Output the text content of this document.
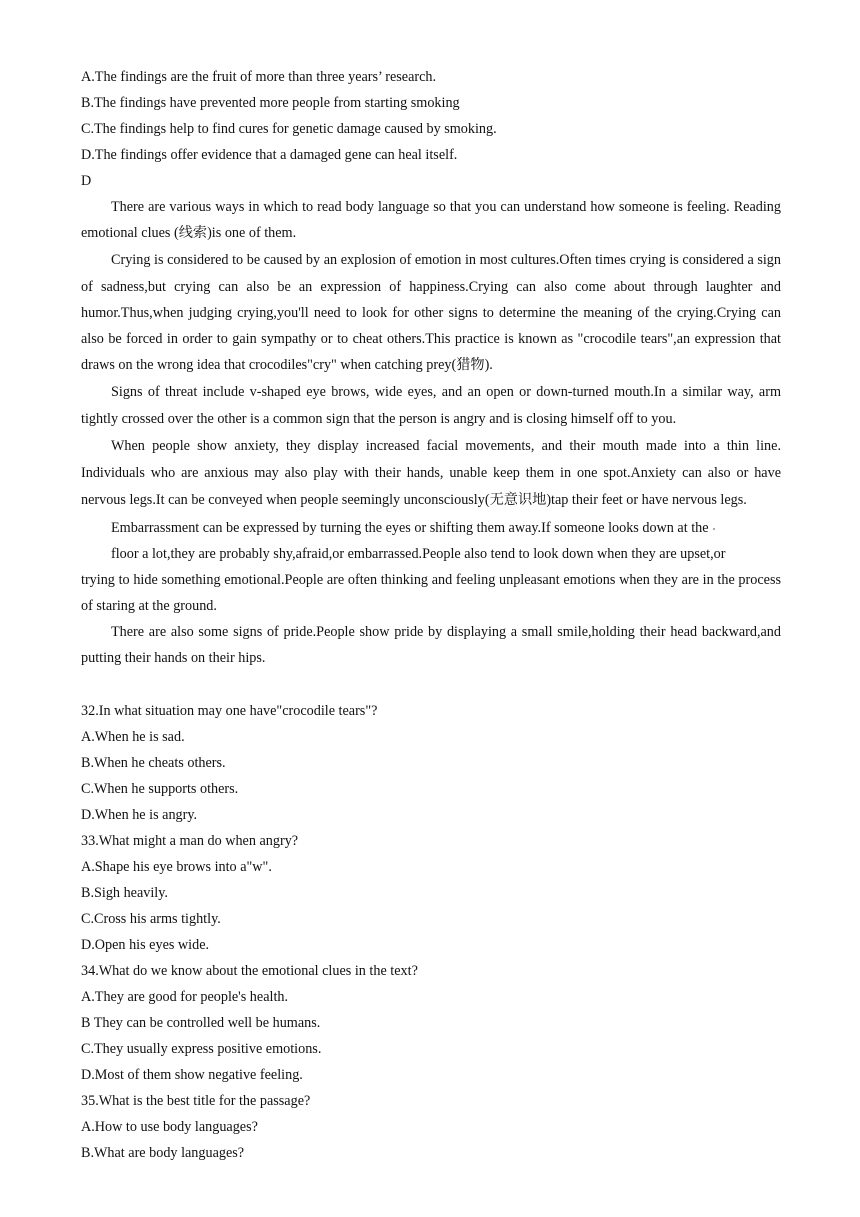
A.The findings are the fruit of more than three years’ research.
B.The findings have prevented more people from starting smoking
C.The findings help to find cures for genetic damage caused by smoking.
D.The findings offer evidence that a damaged gene can heal itself.
D

There are various ways in which to read body language so that you can understand how someone is feeling. Reading emotional clues (线索)is one of them.

Crying is considered to be caused by an explosion of emotion in most cultures.Often times crying is considered a sign of sadness,but crying can also be an expression of happiness.Crying can also come about through laughter and humor.Thus,when judging crying,you'll need to look for other signs to determine the meaning of the crying.Crying can also be forced in order to gain sympathy or to cheat others.This practice is known as "crocodile tears",an expression that draws on the wrong idea that crocodiles"cry" when catching prey(猎物).

Signs of threat include v-shaped eye brows, wide eyes, and an open or down-turned mouth.In a similar way, arm tightly crossed over the other is a common sign that the person is angry and is closing himself off to you.

When people show anxiety, they display increased facial movements, and their mouth made into a thin line. Individuals who are anxious may also play with their hands, unable keep them in one spot.Anxiety can also or have nervous legs.It can be conveyed when people seemingly unconsciously(无意识地)tap their feet or have nervous legs.

Embarrassment can be expressed by turning the eyes or shifting them away.If someone looks down at the
floor a lot,they are probably shy,afraid,or embarrassed.People also tend to look down when they are upset,or

trying to hide something emotional.People are often thinking and feeling unpleasant emotions when they are in the process of staring at the ground.

There are also some signs of pride.People show pride by displaying a small smile,holding their head backward,and putting their hands on their hips.

32.In what situation may one have"crocodile tears"?
A.When he is sad.
B.When he cheats others.
C.When he supports others.
D.When he is angry.
33.What might a man do when angry?
A.Shape his eye brows into a"w".
B.Sigh heavily.
C.Cross his arms tightly.
D.Open his eyes wide.
34.What do we know about the emotional clues in the text?
A.They are good for people's health.
B They can be controlled well be humans.
C.They usually express positive emotions.
D.Most of them show negative feeling.
35.What is the best title for the passage?
A.How to use body languages?
B.What are body languages?
